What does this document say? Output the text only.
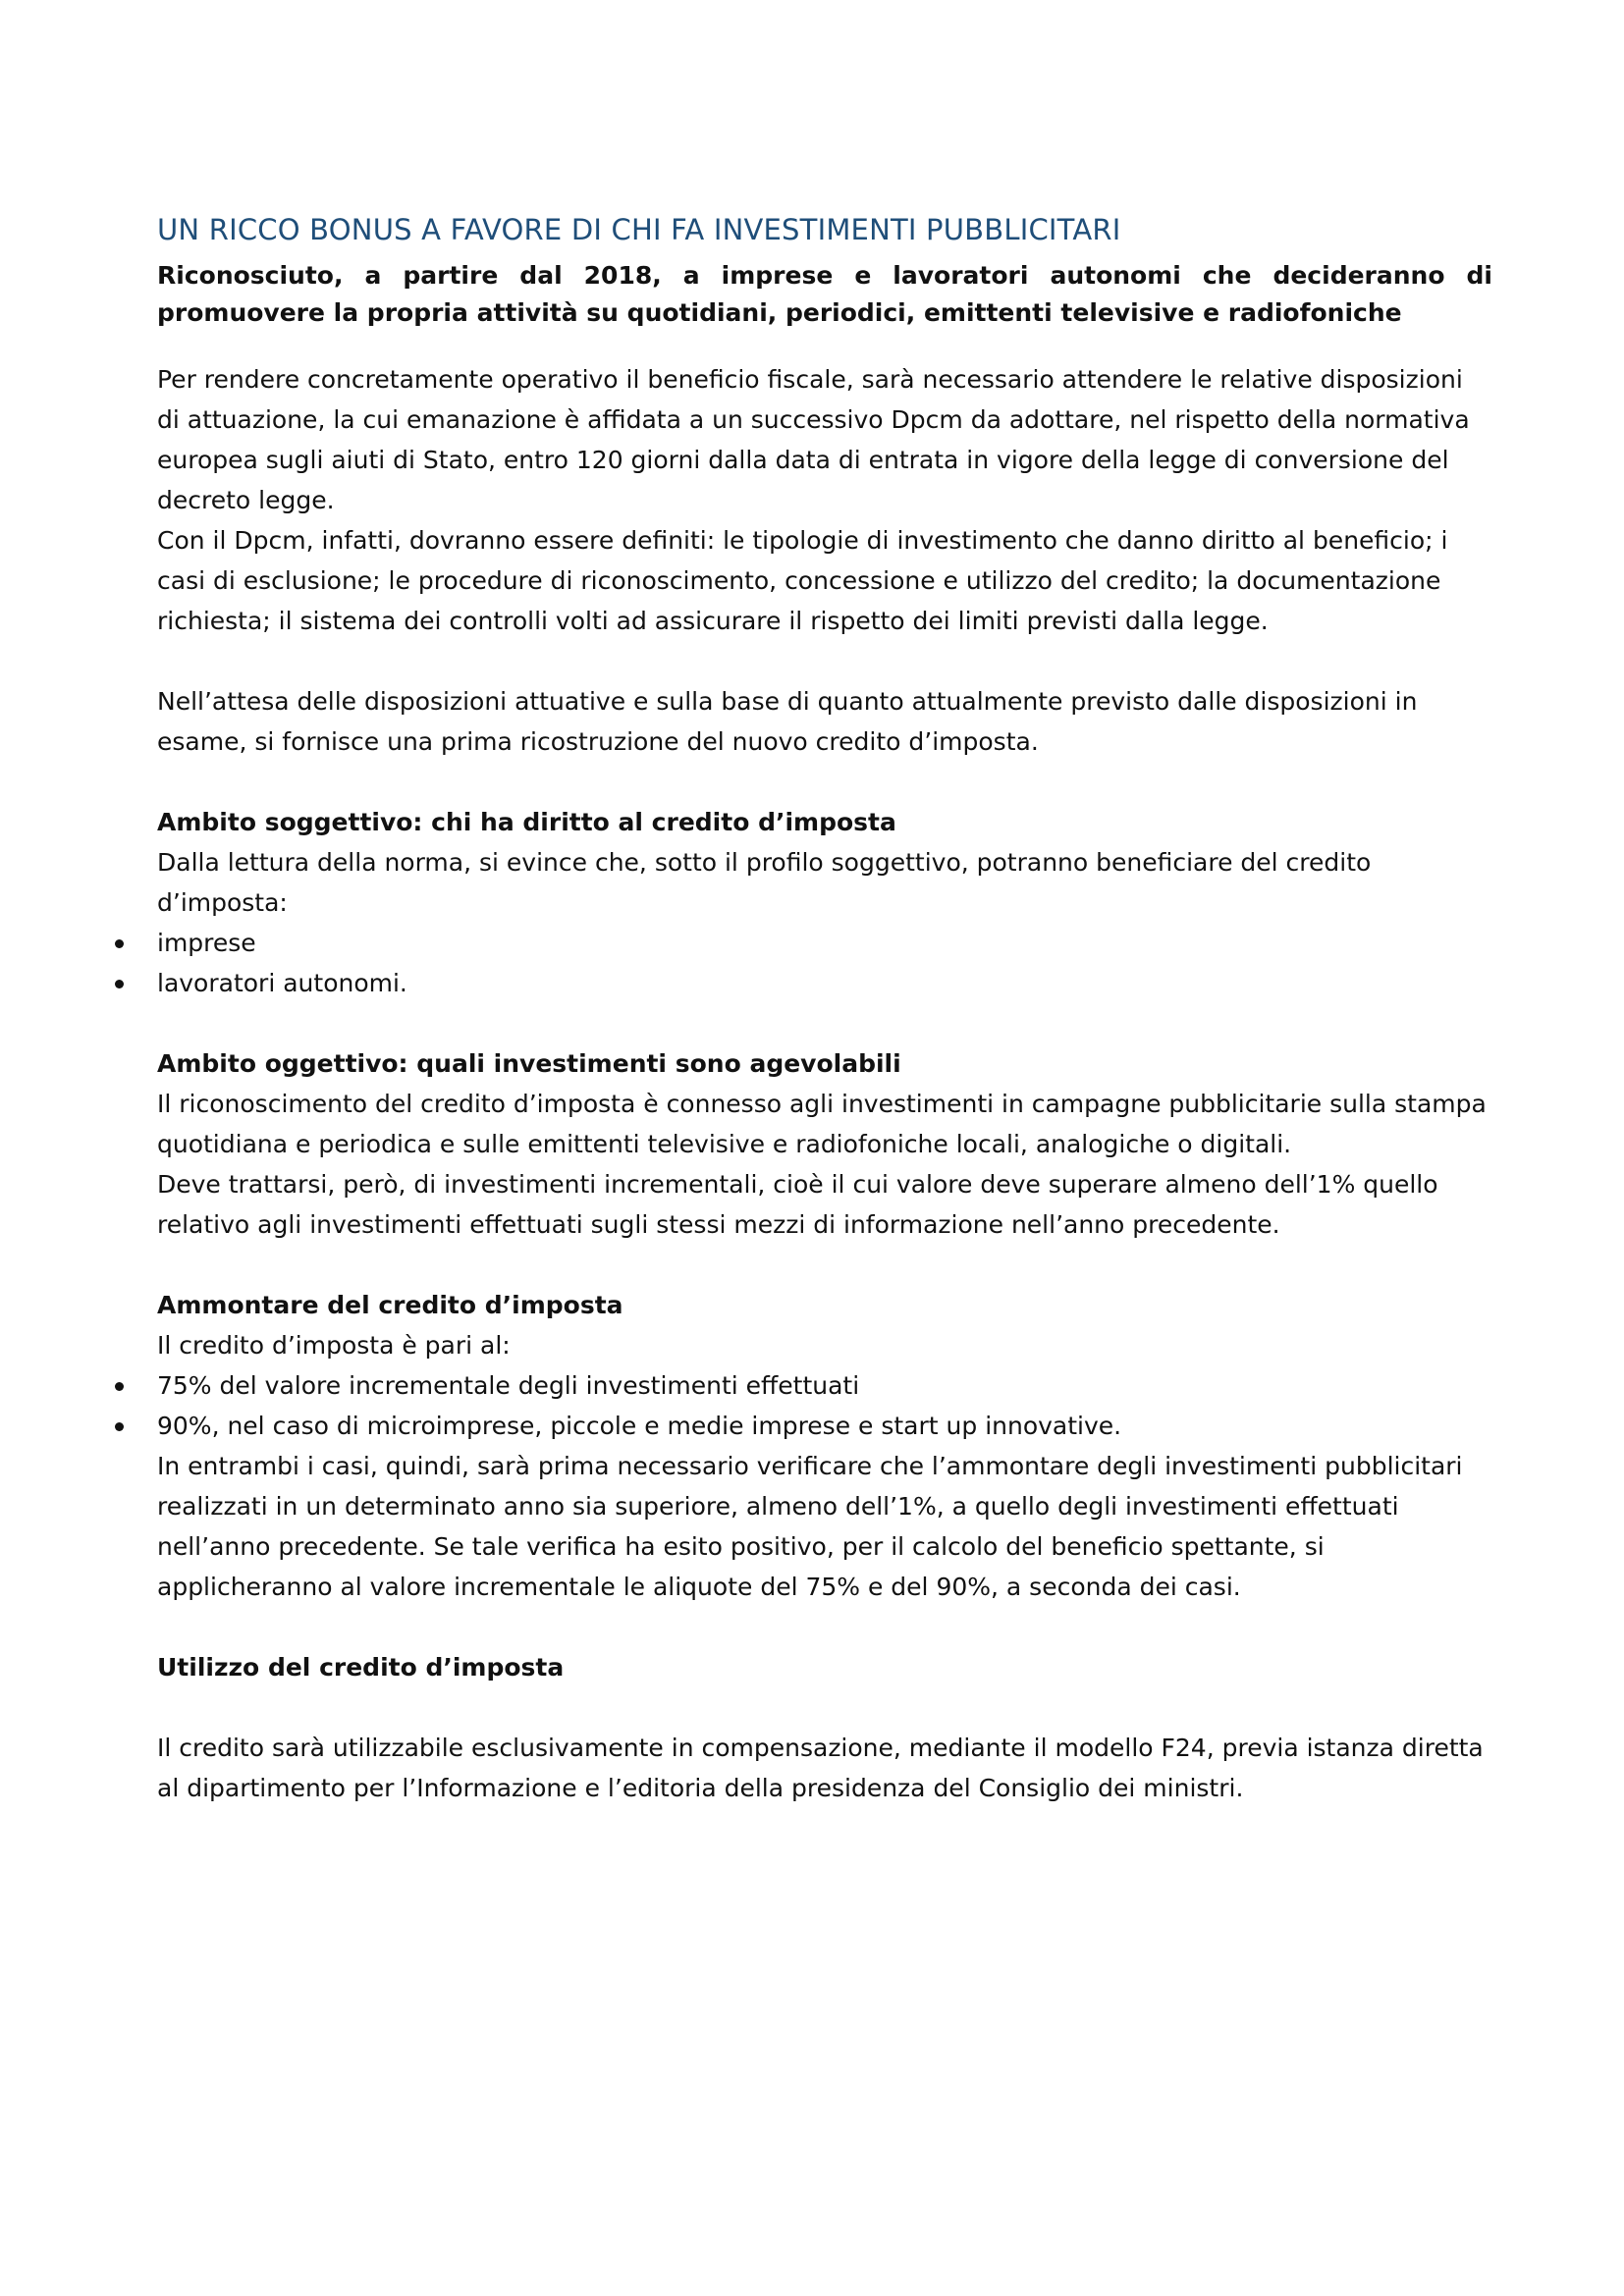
UN RICCO BONUS A FAVORE DI CHI FA INVESTIMENTI PUBBLICITARI

Riconosciuto, a partire dal 2018, a imprese e lavoratori autonomi che decideranno di promuovere la propria attività su quotidiani, periodici, emittenti televisive e radiofoniche

Per rendere concretamente operativo il beneficio fiscale, sarà necessario attendere le relative disposizioni di attuazione, la cui emanazione è affidata a un successivo Dpcm da adottare, nel rispetto della normativa europea sugli aiuti di Stato, entro 120 giorni dalla data di entrata in vigore della legge di conversione del decreto legge.

Con il Dpcm, infatti, dovranno essere definiti: le tipologie di investimento che danno diritto al beneficio; i casi di esclusione; le procedure di riconoscimento, concessione e utilizzo del credito; la documentazione richiesta; il sistema dei controlli volti ad assicurare il rispetto dei limiti previsti dalla legge.

Nell’attesa delle disposizioni attuative e sulla base di quanto attualmente previsto dalle disposizioni in esame, si fornisce una prima ricostruzione del nuovo credito d’imposta.

Ambito soggettivo: chi ha diritto al credito d’imposta

Dalla lettura della norma, si evince che, sotto il profilo soggettivo, potranno beneficiare del credito d’imposta:

imprese
lavoratori autonomi.

Ambito oggettivo: quali investimenti sono agevolabili

Il riconoscimento del credito d’imposta è connesso agli investimenti in campagne pubblicitarie sulla stampa quotidiana e periodica e sulle emittenti televisive e radiofoniche locali, analogiche o digitali.

Deve trattarsi, però, di investimenti incrementali, cioè il cui valore deve superare almeno dell’1% quello relativo agli investimenti effettuati sugli stessi mezzi di informazione nell’anno precedente.

Ammontare del credito d’imposta

Il credito d’imposta è pari al:

75% del valore incrementale degli investimenti effettuati
90%, nel caso di microimprese, piccole e medie imprese e start up innovative.

In entrambi i casi, quindi, sarà prima necessario verificare che l’ammontare degli investimenti pubblicitari realizzati in un determinato anno sia superiore, almeno dell’1%, a quello degli investimenti effettuati nell’anno precedente. Se tale verifica ha esito positivo, per il calcolo del beneficio spettante, si applicheranno al valore incrementale le aliquote del 75% e del 90%, a seconda dei casi.

Utilizzo del credito d’imposta

Il credito sarà utilizzabile esclusivamente in compensazione, mediante il modello F24, previa istanza diretta al dipartimento per l’Informazione e l’editoria della presidenza del Consiglio dei ministri.
